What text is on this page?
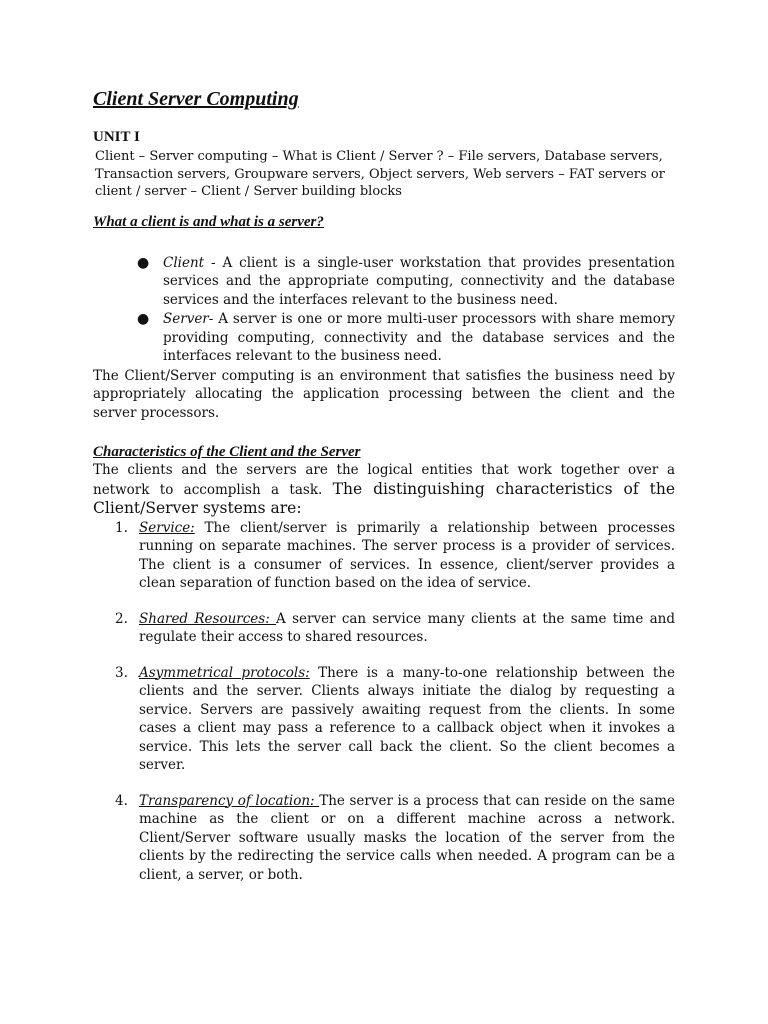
Client Server Computing
UNIT I
Client – Server computing – What is Client / Server ? – File servers, Database servers,
Transaction servers, Groupware servers, Object servers, Web servers – FAT servers or
client / server – Client / Server building blocks
What a client is and what is a server?
● Client - A client is a single-user workstation that provides presentation services and the appropriate computing, connectivity and the database services and the interfaces relevant to the business need.
● Server- A server is one or more multi-user processors with share memory providing computing, connectivity and the database services and the interfaces relevant to the business need.

The Client/Server computing is an environment that satisfies the business need by appropriately allocating the application processing between the client and the server processors.

Characteristics of the Client and the Server

The clients and the servers are the logical entities that work together over a network to accomplish a task. The distinguishing characteristics of the Client/Server systems are:

1. Service: The client/server is primarily a relationship between processes running on separate machines. The server process is a provider of services. The client is a consumer of services. In essence, client/server provides a clean separation of function based on the idea of service.
2. Shared Resources: A server can service many clients at the same time and regulate their access to shared resources.
3. Asymmetrical protocols: There is a many-to-one relationship between the clients and the server. Clients always initiate the dialog by requesting a service. Servers are passively awaiting request from the clients. In some cases a client may pass a reference to a callback object when it invokes a service. This lets the server call back the client. So the client becomes a server.
4. Transparency of location: The server is a process that can reside on the same machine as the client or on a different machine across a network. Client/Server software usually masks the location of the server from the clients by the redirecting the service calls when needed. A program can be a client, a server, or both.
